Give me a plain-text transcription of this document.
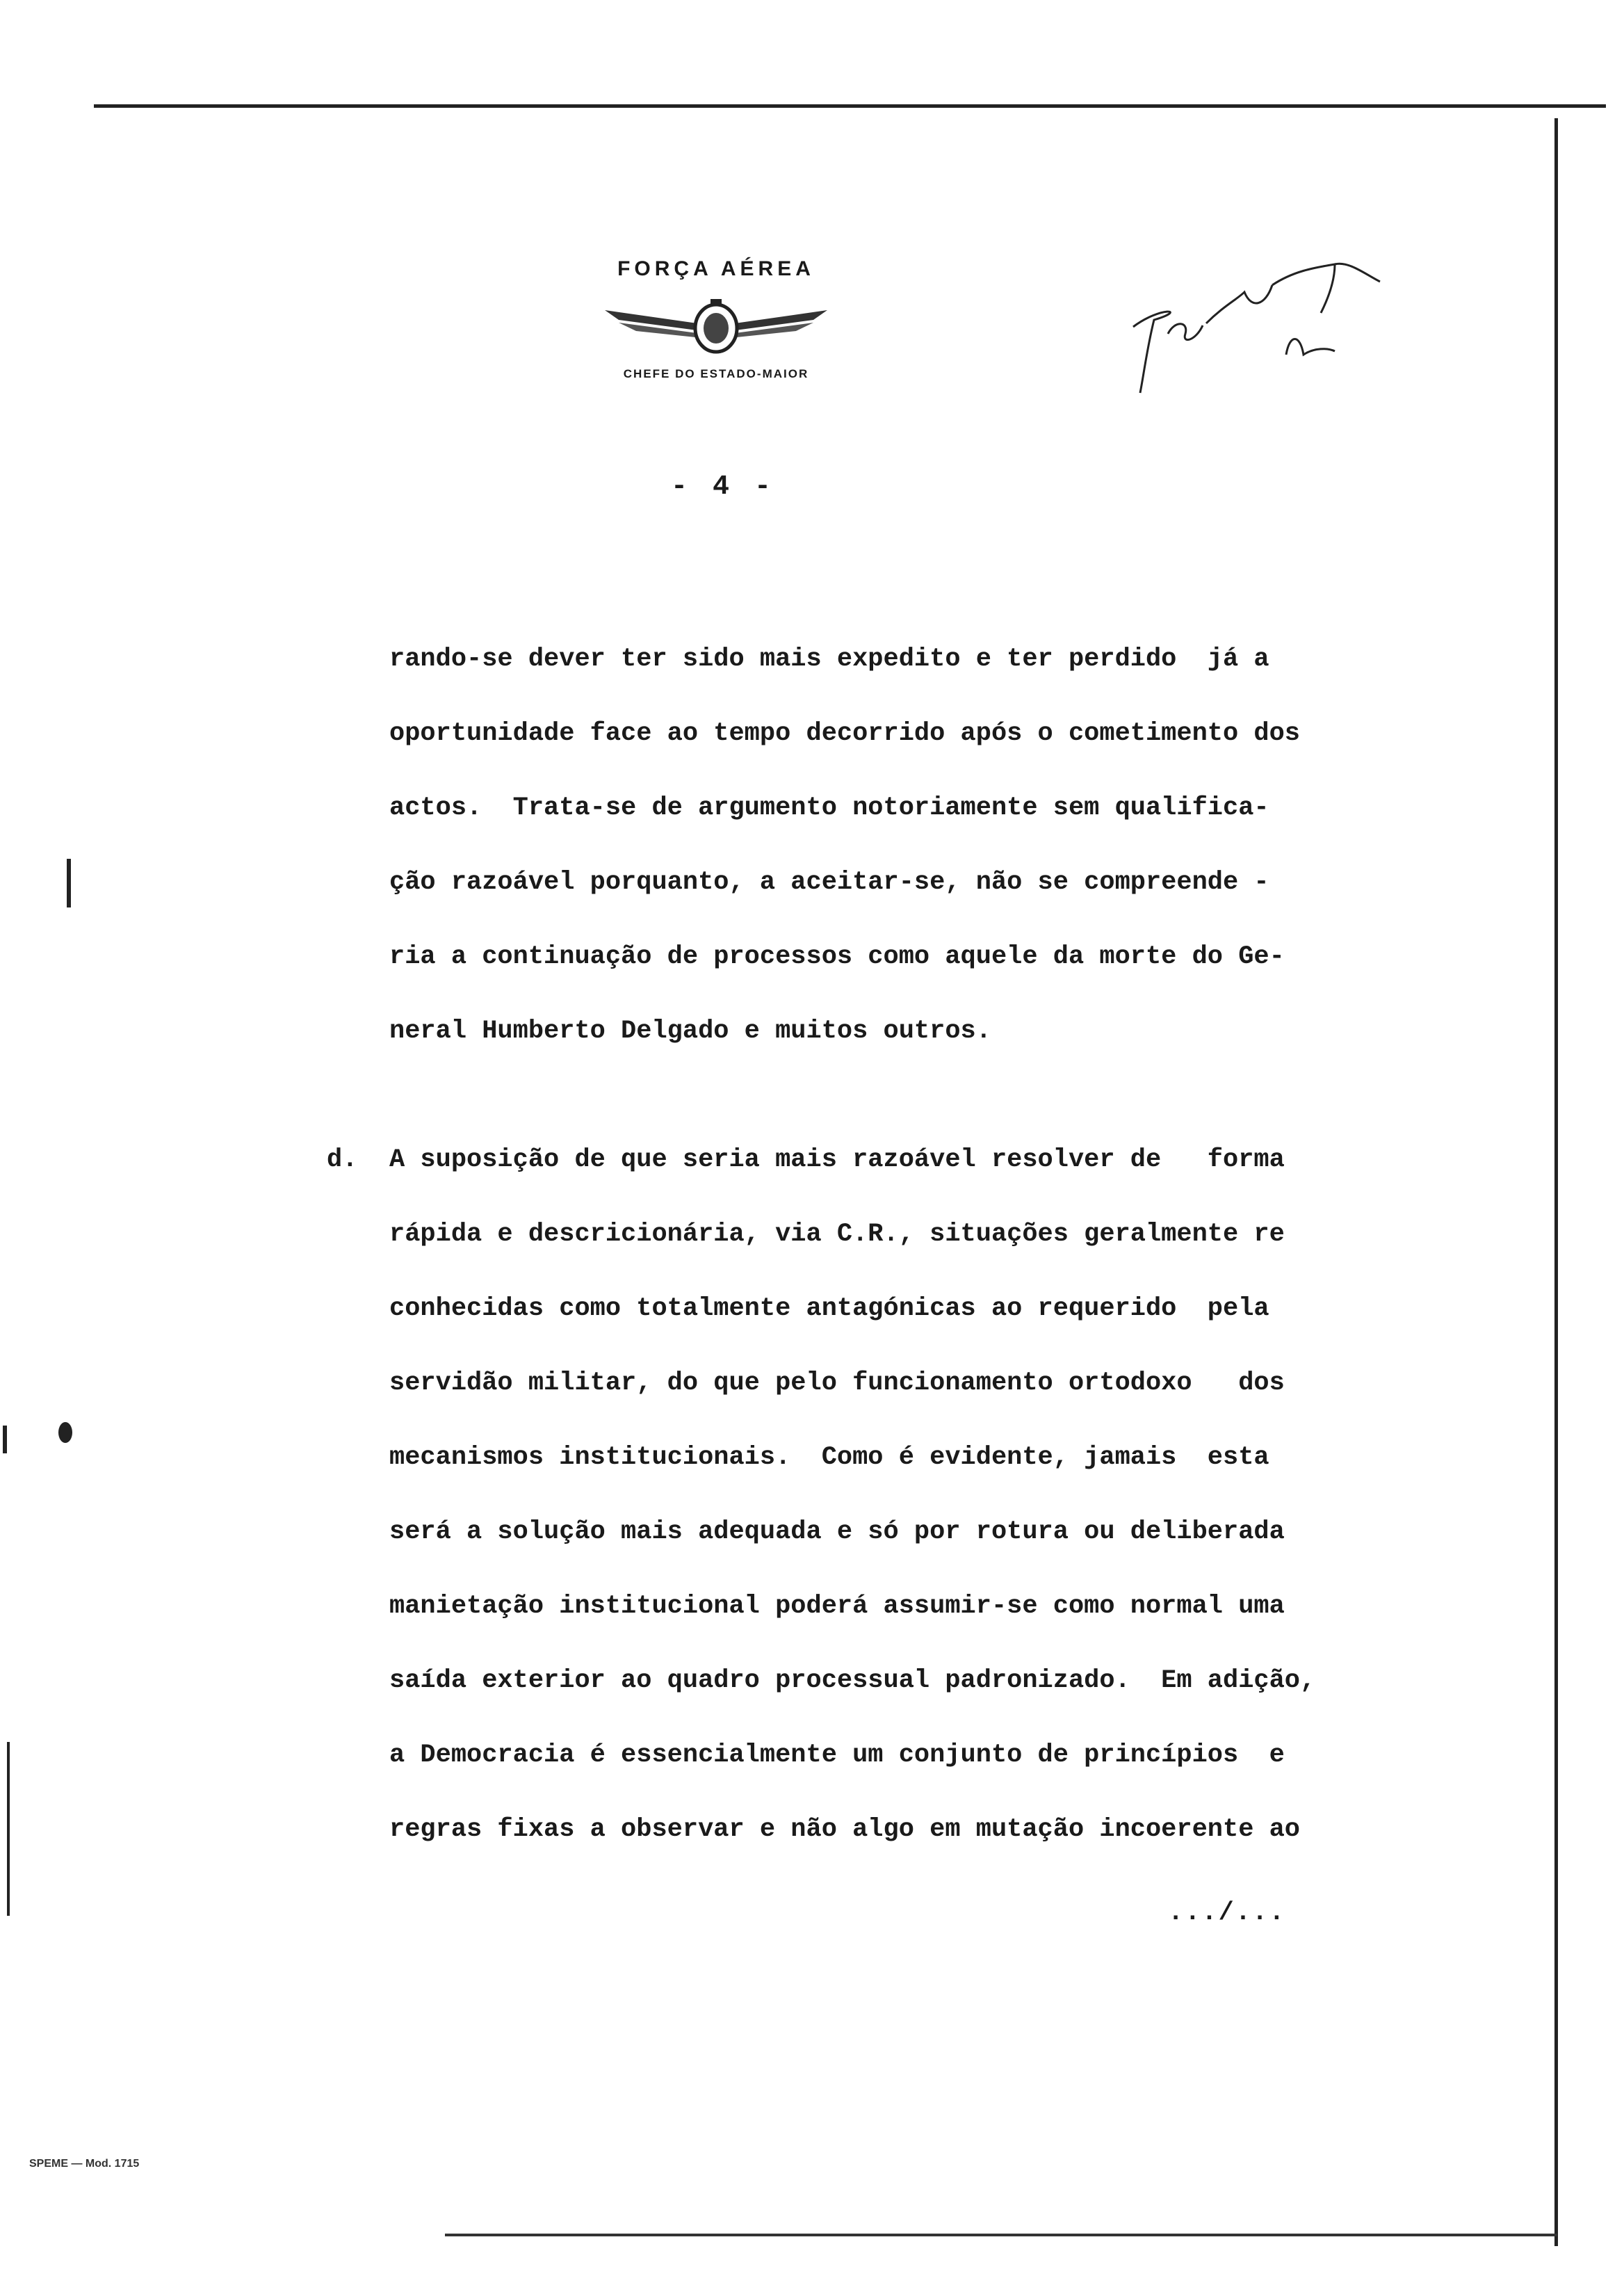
FORÇA AÉREA
CHEFE DO ESTADO-MAIOR
- 4 -
rando-se dever ter sido mais expedito e ter perdido  já a
oportunidade face ao tempo decorrido após o cometimento dos
actos.  Trata-se de argumento notoriamente sem qualifica-
ção razoável porquanto, a aceitar-se, não se compreende -
ria a continuação de processos como aquele da morte do Ge-
neral Humberto Delgado e muitos outros.
d. A suposição de que seria mais razoável resolver de   forma
rápida e descricionária, via C.R., situações geralmente re
conhecidas como totalmente antagónicas ao requerido  pela
servidão militar, do que pelo funcionamento ortodoxo   dos
mecanismos institucionais.  Como é evidente, jamais  esta
será a solução mais adequada e só por rotura ou deliberada
manietação institucional poderá assumir-se como normal uma
saída exterior ao quadro processual padronizado.  Em adição,
a Democracia é essencialmente um conjunto de princípios  e
regras fixas a observar e não algo em mutação incoerente ao
.../...
SPEME — Mod. 1715
